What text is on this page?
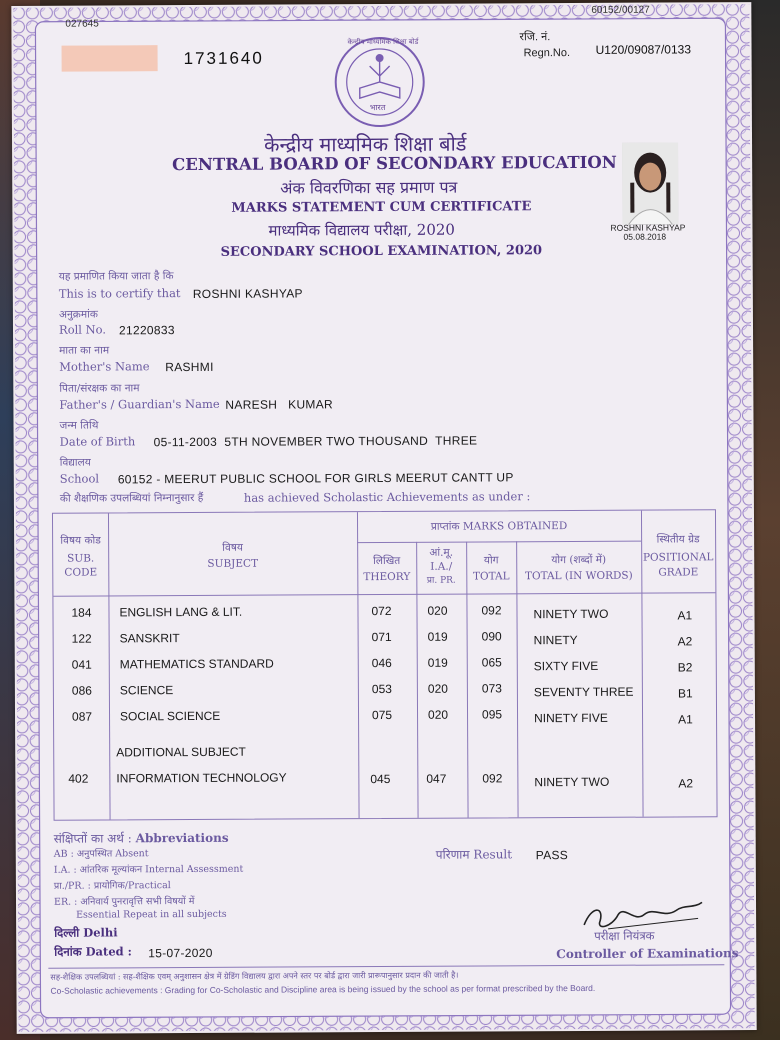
027645
60152/00127
1731640
केन्द्रीय माध्यमिक शिक्षा बोर्ड
भारत
रजि. नं.
Regn.No. U120/09087/0133
केन्द्रीय माध्यमिक शिक्षा बोर्ड
CENTRAL BOARD OF SECONDARY EDUCATION
अंक विवरणिका सह प्रमाण पत्र
MARKS STATEMENT CUM CERTIFICATE
माध्यमिक विद्यालय परीक्षा, 2020
SECONDARY SCHOOL EXAMINATION, 2020
ROSHNI KASHYAP
05.08.2018
यह प्रमाणित किया जाता है कि
This is to certify that ROSHNI KASHYAP
अनुक्रमांक
Roll No. 21220833
माता का नाम
Mother's Name RASHMI
पिता/संरक्षक का नाम
Father's / Guardian's Name NARESH   KUMAR
जन्म तिथि
Date of Birth 05-11-2003  5TH NOVEMBER TWO THOUSAND  THREE
विद्यालय
School 60152 - MEERUT PUBLIC SCHOOL FOR GIRLS MEERUT CANTT UP
की शैक्षणिक उपलब्धियां निम्नानुसार हैं	has achieved Scholastic Achievements as under :
विषय कोड
SUB.
CODE
विषय
SUBJECT
प्राप्तांक MARKS OBTAINED
लिखित
THEORY
आं.मू.
I.A./
प्रा. PR.
योग
TOTAL
योग (शब्दों में)
TOTAL (IN WORDS)
स्थितीय ग्रेड
POSITIONAL
GRADE
184 ENGLISH LANG & LIT.	072	020	092	NINETY TWO	A1
122 SANSKRIT	071	019	090	NINETY	A2
041 MATHEMATICS STANDARD	046	019	065	SIXTY FIVE	B2
086 SCIENCE	053	020	073	SEVENTY THREE	B1
087 SOCIAL SCIENCE	075	020	095	NINETY FIVE	A1
ADDITIONAL SUBJECT
402 INFORMATION TECHNOLOGY	045	047	092	NINETY TWO	A2
संक्षिप्तों का अर्थ : Abbreviations
AB : अनुपस्थित Absent
I.A. : आंतरिक मूल्यांकन Internal Assessment
प्रा./PR. : प्रायोगिक/Practical
ER. : अनिवार्य पुनरावृत्ति सभी विषयों में
Essential Repeat in all subjects
परिणाम Result PASS
दिल्ली Delhi
दिनांक Dated : 15-07-2020
परीक्षा नियंत्रक
Controller of Examinations
सह-शैक्षिक उपलब्धियां : सह-शैक्षिक एवम् अनुशासन क्षेत्र में ग्रेडिंग विद्यालय द्वारा अपने स्तर पर बोर्ड द्वारा जारी प्रारूपानुसार प्रदान की जाती है।
Co-Scholastic achievements : Grading for Co-Scholastic and Discipline area is being issued by the school as per format prescribed by the Board.
